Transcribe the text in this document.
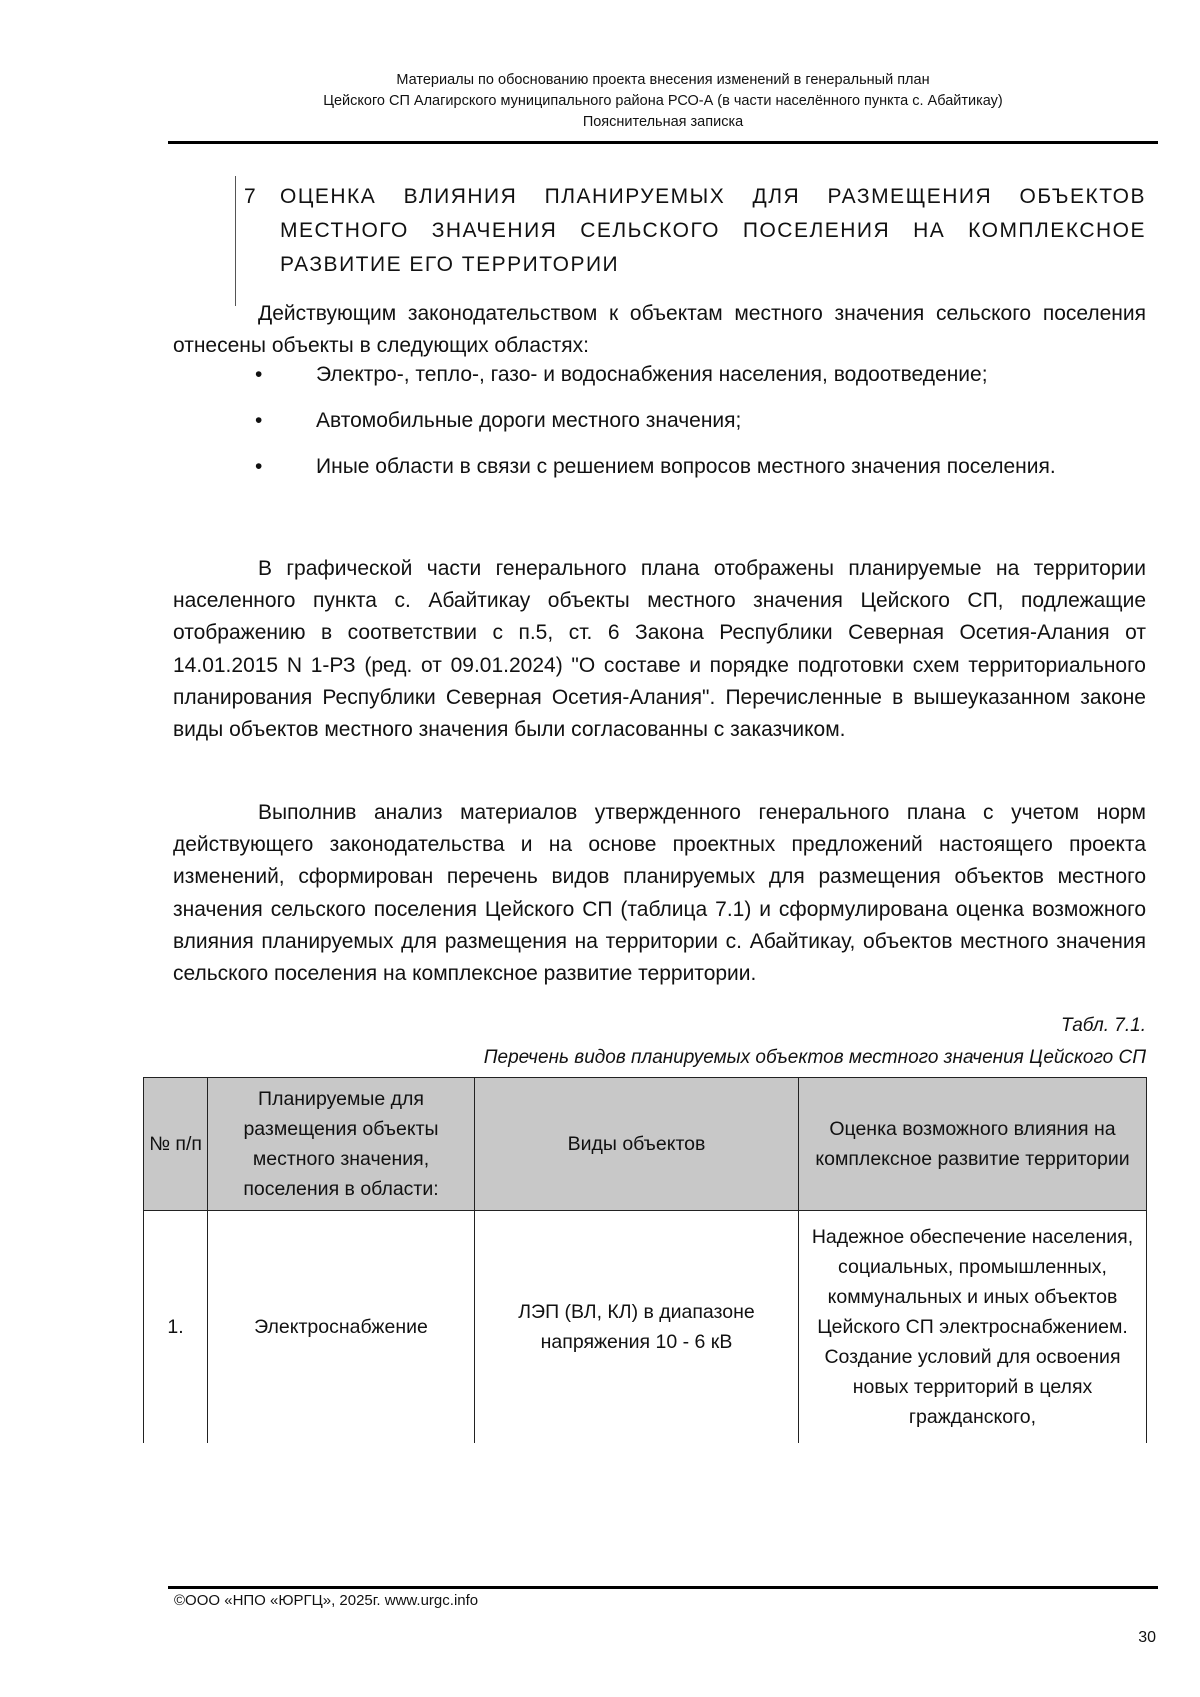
Материалы по обоснованию проекта внесения изменений в генеральный план
Цейского СП Алагирского муниципального района РСО-А (в части населённого пункта с. Абайтикау)
Пояснительная записка
7 ОЦЕНКА ВЛИЯНИЯ ПЛАНИРУЕМЫХ ДЛЯ РАЗМЕЩЕНИЯ ОБЪЕКТОВ МЕСТНОГО ЗНАЧЕНИЯ СЕЛЬСКОГО ПОСЕЛЕНИЯ НА КОМПЛЕКСНОЕ РАЗВИТИЕ ЕГО ТЕРРИТОРИИ

Действующим законодательством к объектам местного значения сельского поселения отнесены объекты в следующих областях:

•	Электро-, тепло-, газо- и водоснабжения населения, водоотведение;
•	Автомобильные дороги местного значения;
•	Иные области в связи с решением вопросов местного значения поселения.

В графической части генерального плана отображены планируемые на территории населенного пункта с. Абайтикау объекты местного значения Цейского СП, подлежащие отображению в соответствии с п.5, ст. 6 Закона Республики Северная Осетия-Алания от 14.01.2015 N 1-РЗ (ред. от 09.01.2024) "О составе и порядке подготовки схем территориального планирования Республики Северная Осетия-Алания". Перечисленные в вышеуказанном законе виды объектов местного значения были согласованны с заказчиком.

Выполнив анализ материалов утвержденного генерального плана с учетом норм действующего законодательства и на основе проектных предложений настоящего проекта изменений, сформирован перечень видов планируемых для размещения объектов местного значения сельского поселения Цейского СП (таблица 7.1) и сформулирована оценка возможного влияния планируемых для размещения на территории с. Абайтикау, объектов местного значения сельского поселения на комплексное развитие территории.

Табл. 7.1.
Перечень видов планируемых объектов местного значения Цейского СП
№ п/п	Планируемые для размещения объекты местного значения, поселения в области:	Виды объектов	Оценка возможного влияния на комплексное развитие территории
1.	Электроснабжение	ЛЭП (ВЛ, КЛ) в диапазоне напряжения 10 - 6 кВ	Надежное обеспечение населения, социальных, промышленных, коммунальных и иных объектов Цейского СП электроснабжением. Создание условий для освоения новых территорий в целях гражданского,
©ООО «НПО «ЮРГЦ», 2025г. www.urgc.info
30
